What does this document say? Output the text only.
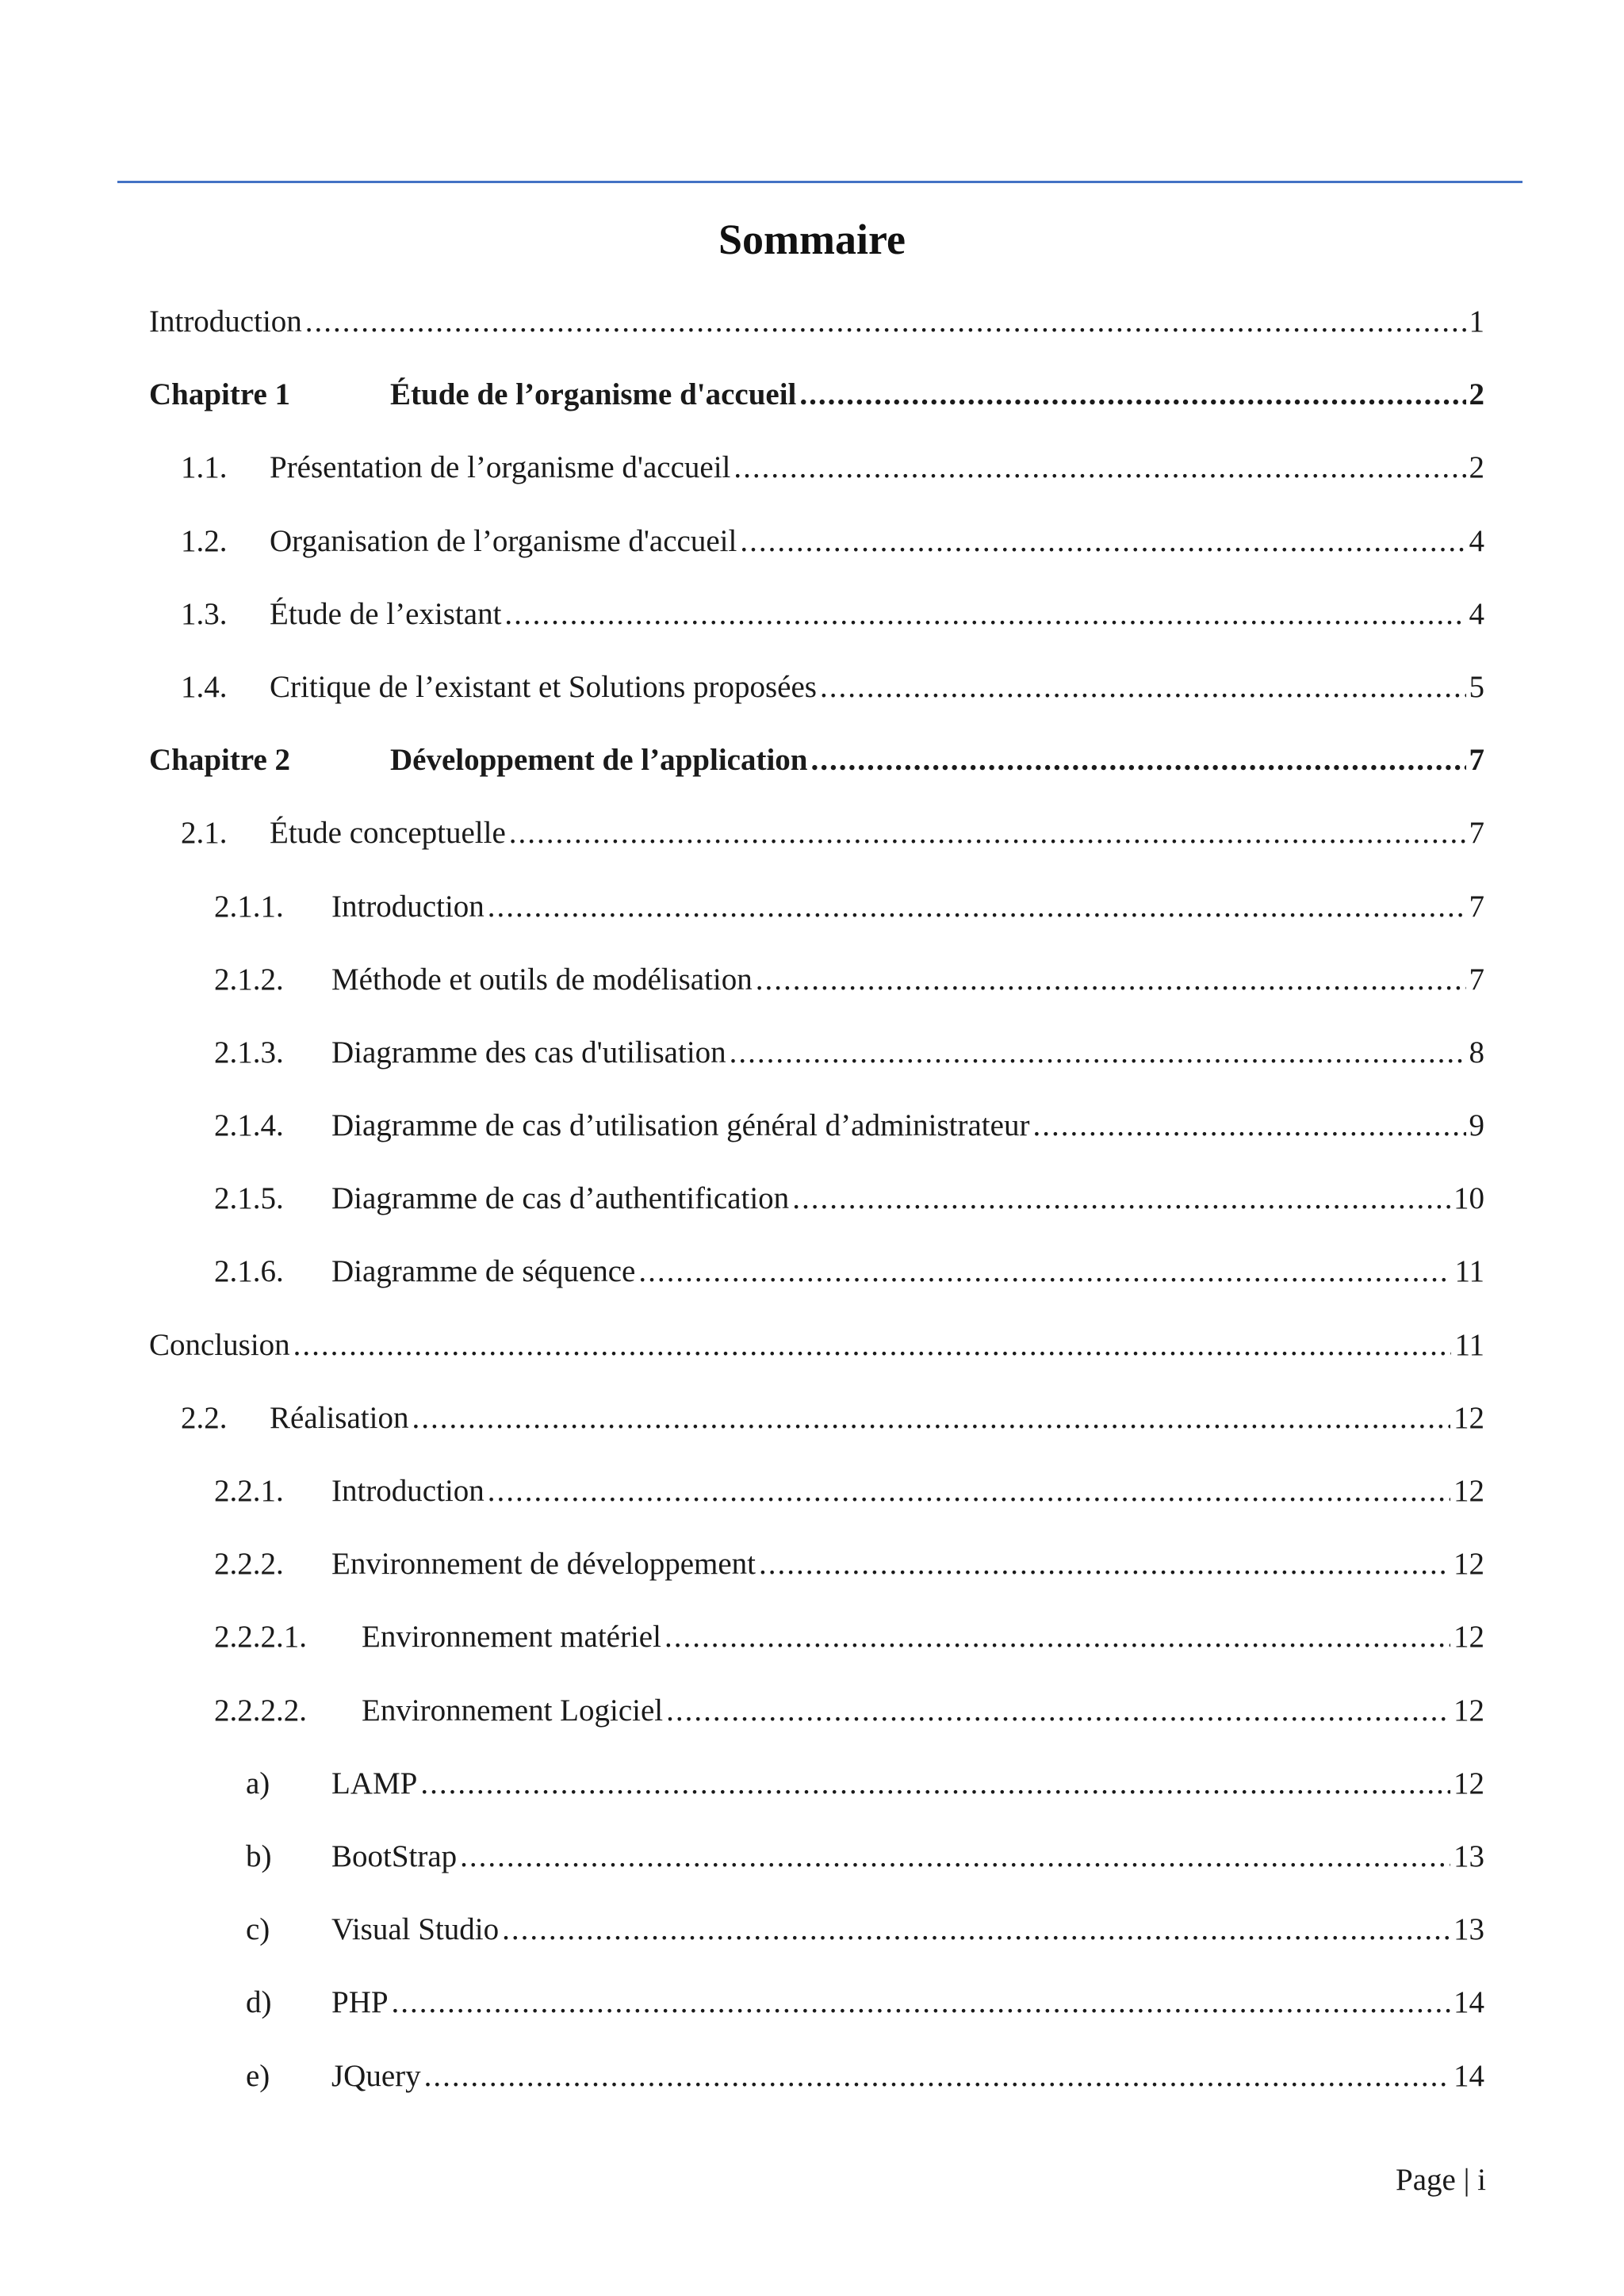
Sommaire
Introduction .....	1
Chapitre 1	Étude de l’organisme d'accueil .....	2
1.1.	Présentation de l’organisme d'accueil .....	2
1.2.	Organisation de l’organisme d'accueil .....	4
1.3.	Étude de l’existant .....	4
1.4.	Critique de l’existant et Solutions proposées .....	5
Chapitre 2	Développement de l’application .....	7
2.1.	Étude conceptuelle .....	7
2.1.1.	Introduction .....	7
2.1.2.	Méthode et outils de modélisation .....	7
2.1.3.	Diagramme des cas d'utilisation .....	8
2.1.4.	Diagramme de cas d’utilisation général d’administrateur .....	9
2.1.5.	Diagramme de cas d’authentification .....	10
2.1.6.	Diagramme de séquence .....	11
Conclusion .....	11
2.2.	Réalisation .....	12
2.2.1.	Introduction .....	12
2.2.2.	Environnement de développement .....	12
2.2.2.1.	Environnement matériel .....	12
2.2.2.2.	Environnement Logiciel .....	12
a)	LAMP .....	12
b)	BootStrap .....	13
c)	Visual Studio .....	13
d)	PHP .....	14
e)	JQuery .....	14
Page | i
